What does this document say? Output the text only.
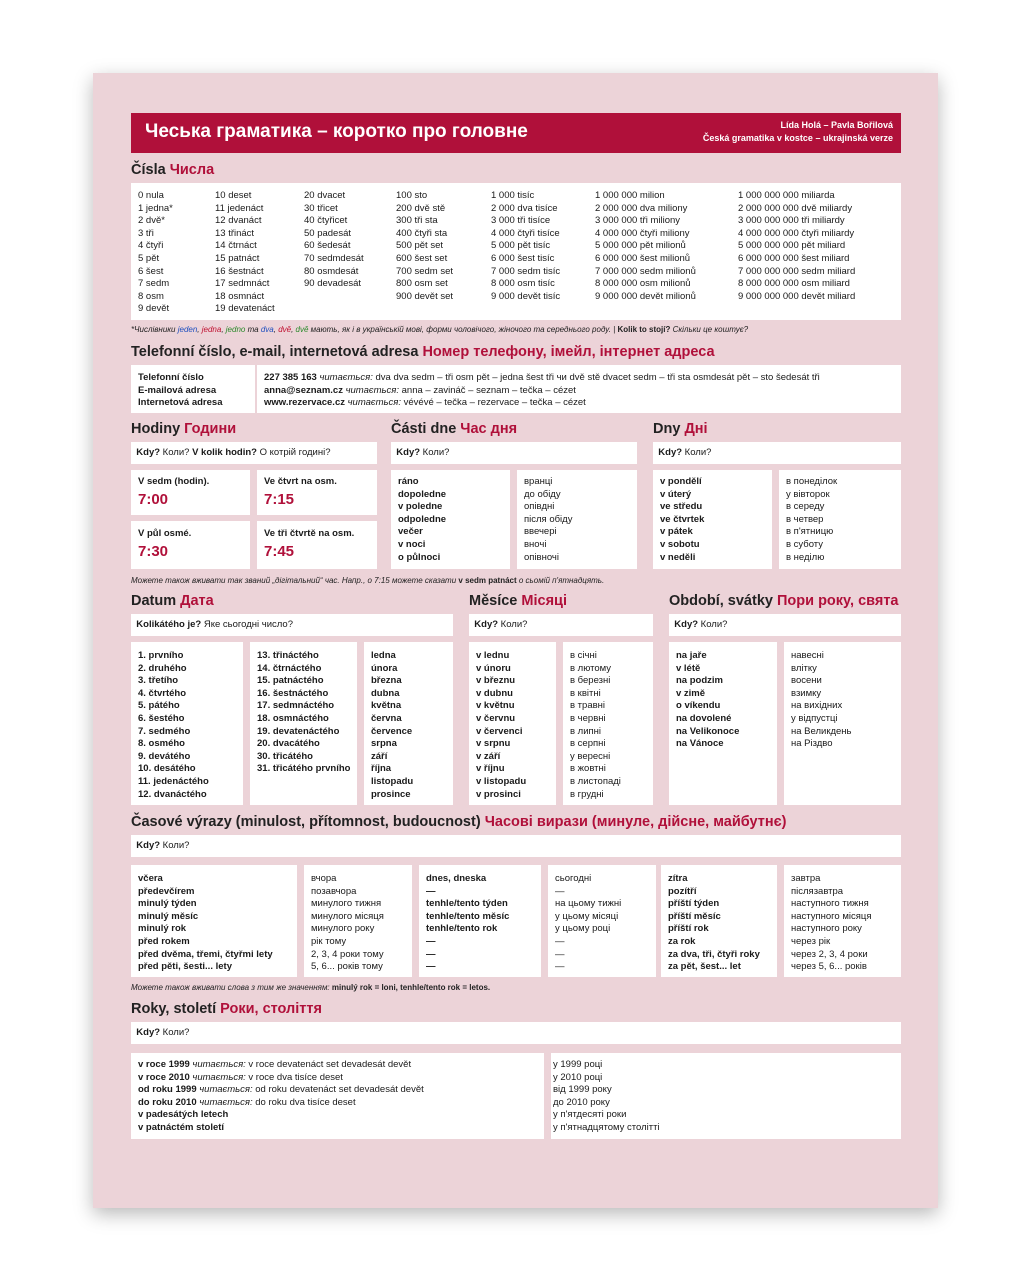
Чеська граматика – коротко про головне	Lída Holá – Pavla Bořilová
Česká gramatika v kostce – ukrajinská verze
Čísla Числа
0 nula
1 jedna*
2 dvě*
3 tři
4 čtyři
5 pět
6 šest
7 sedm
8 osm
9 devět
10 deset
11 jedenáct
12 dvanáct
13 třináct
14 čtrnáct
15 patnáct
16 šestnáct
17 sedmnáct
18 osmnáct
19 devatenáct
20 dvacet
30 třicet
40 čtyřicet
50 padesát
60 šedesát
70 sedmdesát
80 osmdesát
90 devadesát
100 sto
200 dvě stě
300 tři sta
400 čtyři sta
500 pět set
600 šest set
700 sedm set
800 osm set
900 devět set
1 000 tisíc
2 000 dva tisíce
3 000 tři tisíce
4 000 čtyři tisíce
5 000 pět tisíc
6 000 šest tisíc
7 000 sedm tisíc
8 000 osm tisíc
9 000 devět tisíc
1 000 000 milion
2 000 000 dva miliony
3 000 000 tři miliony
4 000 000 čtyři miliony
5 000 000 pět milionů
6 000 000 šest milionů
7 000 000 sedm milionů
8 000 000 osm milionů
9 000 000 devět milionů
1 000 000 000 miliarda
2 000 000 000 dvě miliardy
3 000 000 000 tři miliardy
4 000 000 000 čtyři miliardy
5 000 000 000 pět miliard
6 000 000 000 šest miliard
7 000 000 000 sedm miliard
8 000 000 000 osm miliard
9 000 000 000 devět miliard
*Числівники jeden, jedna, jedno та dva, dvě, dvě мають, як і в українській мові, форми чоловічого, жіночого та середнього роду. | Kolik to stojí? Скільки це коштує?
Telefonní číslo, e-mail, internetová adresa Номер телефону, імейл, інтернет адреса
Telefonní číslo
E-mailová adresa
Internetová adresa
227 385 163 читається: dva dva sedm – tři osm pět – jedna šest tři чи dvě stě dvacet sedm – tři sta osmdesát pět – sto šedesát tři
anna@seznam.cz читається: anna – zavináč – seznam – tečka – cézet
www.rezervace.cz читається: vévévé – tečka – rezervace – tečka – cézet
Hodiny Години
Kdy? Коли? V kolik hodin? О котрій годині?
V sedm (hodin).
7:00
Ve čtvrt na osm.
7:15
V půl osmé.
7:30
Ve tři čtvrtě na osm.
7:45
Části dne Час дня
Kdy? Коли?
ráno
dopoledne
v poledne
odpoledne
večer
v noci
o půlnoci
вранці
до обіду
опівдні
після обіду
ввечері
вночі
опівночі
Dny Дні
Kdy? Коли?
v pondělí
v úterý
ve středu
ve čtvrtek
v pátek
v sobotu
v neděli
в понеділок
у вівторок
в середу
в четвер
в п'ятницю
в суботу
в неділю
Можете також вживати так званий „дігітальний“ час. Напр., о 7:15 можете сказати v sedm patnáct о сьомій п'ятнадцять.
Datum Дата
Kolikátého je? Яке сьогодні число?
1. prvního
2. druhého
3. třetího
4. čtvrtého
5. pátého
6. šestého
7. sedmého
8. osmého
9. devátého
10. desátého
11. jedenáctého
12. dvanáctého
13. třináctého
14. čtrnáctého
15. patnáctého
16. šestnáctého
17. sedmnáctého
18. osmnáctého
19. devatenáctého
20. dvacátého
30. třicátého
31. třicátého prvního
ledna
února
března
dubna
května
června
července
srpna
září
října
listopadu
prosince
Měsíce Місяці
Kdy? Коли?
v lednu
v únoru
v březnu
v dubnu
v květnu
v červnu
v červenci
v srpnu
v září
v říjnu
v listopadu
v prosinci
в січні
в лютому
в березні
в квітні
в травні
в червні
в липні
в серпні
у вересні
в жовтні
в листопаді
в грудні
Období, svátky Пори року, свята
Kdy? Коли?
na jaře
v létě
na podzim
v zimě
o víkendu
na dovolené
na Velikonoce
na Vánoce
навесні
влітку
восени
взимку
на вихідних
у відпустці
на Великдень
на Різдво
Časové výrazy (minulost, přítomnost, budoucnost) Часові вирази (минуле, дійсне, майбутнє)
Kdy? Коли?
včera
předevčírem
minulý týden
minulý měsíc
minulý rok
před rokem
před dvěma, třemi, čtyřmi lety
před pěti, šesti... lety
вчора
позавчора
минулого тижня
минулого місяця
минулого року
рік тому
2, 3, 4 роки тому
5, 6... років тому
dnes, dneska
—
tenhle/tento týden
tenhle/tento měsíc
tenhle/tento rok
—
—
—
сьогодні
—
на цьому тижні
у цьому місяці
у цьому році
—
—
—
zítra
pozítří
příští týden
příští měsíc
příští rok
za rok
za dva, tři, čtyři roky
za pět, šest... let
завтра
післязавтра
наступного тижня
наступного місяця
наступного року
через рік
через 2, 3, 4 роки
через 5, 6... років
Можете також вживати слова з тим же значенням: minulý rok = loni, tenhle/tento rok = letos.
Roky, století Роки, століття
Kdy? Коли?
v roce 1999 читається: v roce devatenáct set devadesát devět
v roce 2010 читається: v roce dva tisíce deset
od roku 1999 читається: od roku devatenáct set devadesát devět
do roku 2010 читається: do roku dva tisíce deset
v padesátých letech
v patnáctém století
у 1999 році
у 2010 році
від 1999 року
до 2010 року
у п'ятдесяті роки
у п'ятнадцятому столітті
